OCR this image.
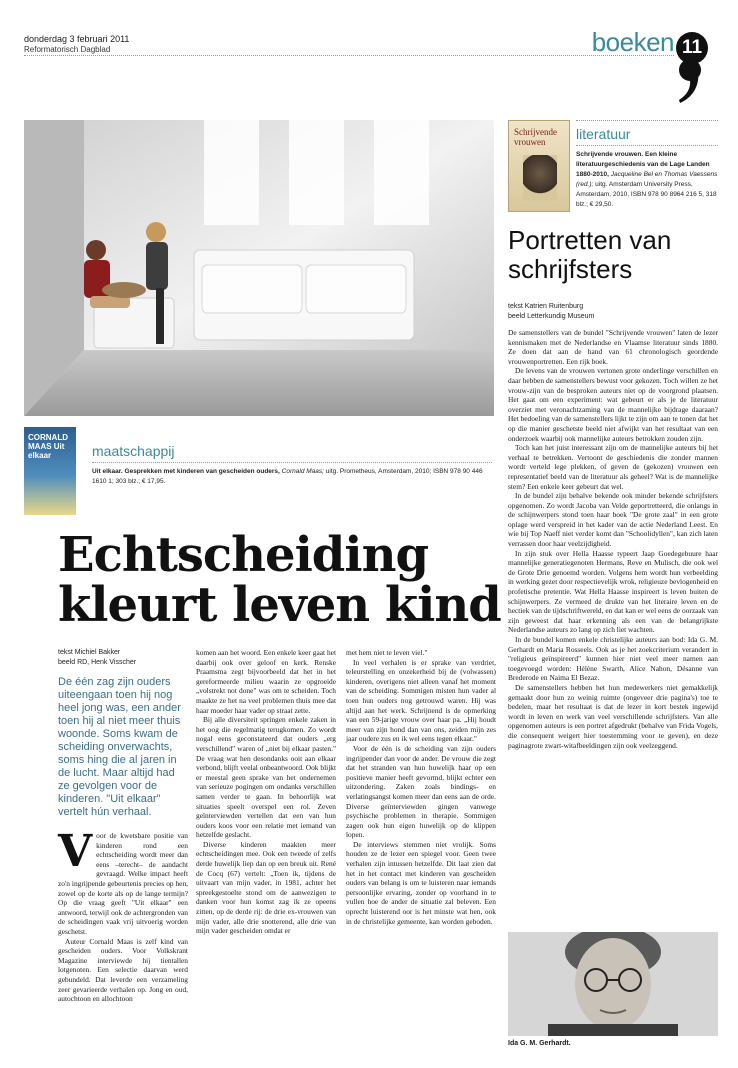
donderdag 3 februari 2011
Reformatorisch Dagblad	boeken 11
CORNALD MAAS Uit elkaar	maatschappij
Uit elkaar. Gesprekken met kinderen van gescheiden ouders, Cornald Maas; uitg. Prometheus, Amsterdam, 2010; ISBN 978 90 446 1610 1; 303 blz.; € 17,95.
Schrijvende vrouwen	literatuur
Schrijvende vrouwen. Een kleine literatuurgeschiedenis van de Lage Landen 1880-2010, Jacqueline Bel en Thomas Vaessens (red.); uitg. Amsterdam University Press, Amsterdam, 2010, ISBN 978 90 8964 216 5, 318 blz.; € 29,50.
Portretten van schrijfsters
tekst Katrien Ruitenburg
beeld Letterkundig Museum

De samenstellers van de bundel "Schrijvende vrouwen" laten de lezer kennismaken met de Nederlandse en Vlaamse literatuur sinds 1880. Ze doen dat aan de hand van 61 chronologisch geordende vrouwenportretten. Een rijk boek.

De levens van de vrouwen vertonen grote onderlinge verschillen en daar hebben de samenstellers bewust voor gekozen. Toch willen ze het vrouw-zijn van de besproken auteurs niet op de voorgrond plaatsen. Het gaat om een experiment: wat gebeurt er als je de literatuur overziet met veronachtzaming van de mannelijke bijdrage daaraan? Het bedoeling van de samenstellers lijkt te zijn om aan te tonen dat het op die manier geschetste beeld niet afwijkt van het resultaat van een onderzoek waarbij ook mannelijke auteurs betrokken zouden zijn.

Toch kan het juist interessant zijn om de mannelijke auteurs bij het verhaal te betrekken. Vertoont de geschiedenis die zonder mannen wordt verteld lege plekken, of geven de (gekozen) vrouwen een representatief beeld van de literatuur als geheel? Wat is de mannelijke stem? Een enkele keer gebeurt dat wel.

In de bundel zijn behalve bekende ook minder bekende schrijfsters opgenomen. Zo wordt Jacoba van Velde geportretteerd, die onlangs in de schijnwerpers stond toen haar boek "De grote zaal" in een grote oplage werd verspreid in het kader van de actie Nederland Leest. En wie bij Top Naeff niet verder komt dan "Schoolidyllen", kan zich laten verrassen door haar veelzijdigheid.

In zijn stuk over Hella Haasse typeert Jaap Goedegebuure haar mannelijke generatiegenoten Hermans, Reve en Mulisch, die ook wel de Grote Drie genoemd worden. Volgens hem wordt hun verbeelding in werking gezet door respectievelijk wrok, religieuze bevlogenheid en profetische pretentie. Wat Hella Haasse inspireert is leven buiten de schijnwerpers. Ze vermeed de drukte van het literaire leven en de hectiek van de tijdschriftwereld, en dat kan er wel eens de oorzaak van zijn geweest dat haar erkenning als een van de belangrijkste Nederlandse auteurs zo lang op zich liet wachten.

In de bundel komen enkele christelijke auteurs aan bod: Ida G. M. Gerhardt en Maria Rosseels. Ook as je het zoekcriterium verandert in "religieus geïnspireerd" kunnen hier niet veel meer namen aan toegevoegd worden: Hélène Swarth, Alice Nahon, Désanne van Brederode en Naima El Bezaz.

De samenstellers hebben het hun medewerkers niet gemakkelijk gemaakt door hun zo weinig ruimte (ongeveer drie pagina's) toe te bedelen, maar het resultaat is dat de lezer in kort bestek ingewijd wordt in leven en werk van veel verschillende schrijfsters. Van alle opgenomen auteurs is een portret afgedrukt (behalve van Frida Vogels, die consequent weigert hier toestemming voor te geven), en deze paginagrote zwart-witafbeeldingen zijn ook veelzeggend.

Ida G. M. Gerhardt.
Echtscheiding kleurt leven kind
tekst Michiel Bakker
beeld RD, Henk Visscher
De één zag zijn ouders uiteengaan toen hij nog heel jong was, een ander toen hij al niet meer thuis woonde. Soms kwam de scheiding onverwachts, soms hing die al jaren in de lucht. Maar altijd had ze gevolgen voor de kinderen. "Uit elkaar" vertelt hún verhaal.
V oor de kwetsbare positie van kinderen rond een echtscheiding wordt meer dan eens –terecht– de aandacht gevraagd. Welke impact heeft zo'n ingrijpende gebeurtenis precies op hen, zowel op de korte als op de lange termijn? Op die vraag geeft "Uit elkaar" een antwoord, terwijl ook de achtergronden van de scheidingen vaak vrij uitvoerig worden geschetst.

Auteur Cornald Maas is zelf kind van gescheiden ouders. Voor Volkskrant Magazine interviewde hij tientallen lotgenoten. Een selectie daarvan werd gebundeld. Dat leverde een verzameling zeer gevarieerde verhalen op. Jong en oud, autochtoon en allochtoon

komen aan het woord. Een enkele keer gaat het daarbij ook over geloof en kerk. Renske Praamsma zegt bijvoorbeeld dat het in het gereformeerde milieu waarin ze opgroeide „volstrekt not done" was om te scheiden. Toch maakte ze het na veel problemen thuis mee dat haar moeder haar vader op straat zette.

Bij alle diversiteit springen enkele zaken in het oog die regelmatig terugkomen. Zo wordt nogal eens geconstateerd dat ouders „erg verschillend" waren of „niet bij elkaar pasten." De vraag wat hen desondanks ooit aan elkaar verbond, blijft veelal onbeantwoord. Ook blijkt er meestal geen sprake van het ondernemen van serieuze pogingen om ondanks verschillen samen verder te gaan. In behoorlijk wat situaties speelt overspel een rol. Zeven geïnterviewden vertellen dat een van hun ouders koos voor een relatie met iemand van hetzelfde geslacht.

Diverse kinderen maakten meer echtscheidingen mee. Ook een tweede of zelfs derde huwelijk liep dan op een breuk uit. René de Cocq (67) vertelt: „Toen ik, tijdens de uitvaart van mijn vader, in 1981, achter het spreekgestoelte stond om de aanwezigen te danken voor hun komst zag ik ze opeens zitten, op de derde rij: de drie ex-vrouwen van mijn vader, alle drie snotterend, alle drie van mijn vader gescheiden omdat er

met hem niet te leven viel."

In veel verhalen is er sprake van verdriet, teleurstelling en onzekerheid bij de (volwassen) kinderen, overigens niet alleen vanaf het moment van de scheiding. Sommigen misten hun vader al toen hun ouders nog getrouwd waren. Hij was altijd aan het werk. Schrijnend is de opmerking van een 59-jarige vrouw over haar pa. „Hij houdt meer van zijn hond dan van ons, zeiden mijn zes jaar oudere zus en ik wel eens tegen elkaar."

Voor de één is de scheiding van zijn ouders ingrijpender dan voor de ander. De vrouw die zegt dat het stranden van hun huwelijk haar op een positieve manier heeft gevormd, blijkt echter een uitzondering. Zaken zoals bindings- en verlatingsangst komen meer dan eens aan de orde. Diverse geïnterviewden gingen vanwege psychische problemen in therapie. Sommigen zagen ook hun eigen huwelijk op de klippen lopen.

De interviews stemmen niet vrolijk. Soms houden ze de lezer een spiegel voor. Geen twee verhalen zijn intussen hetzelfde. Dit laat zien dat het in het contact met kinderen van gescheiden ouders van belang is om te luisteren naar iemands persoonlijke ervaring, zonder op voorhand in te vullen hoe de ander de situatie zal beleven. Een oprecht luisterend oor is het minste wat hen, ook in de christelijke gemeente, kan worden geboden.
